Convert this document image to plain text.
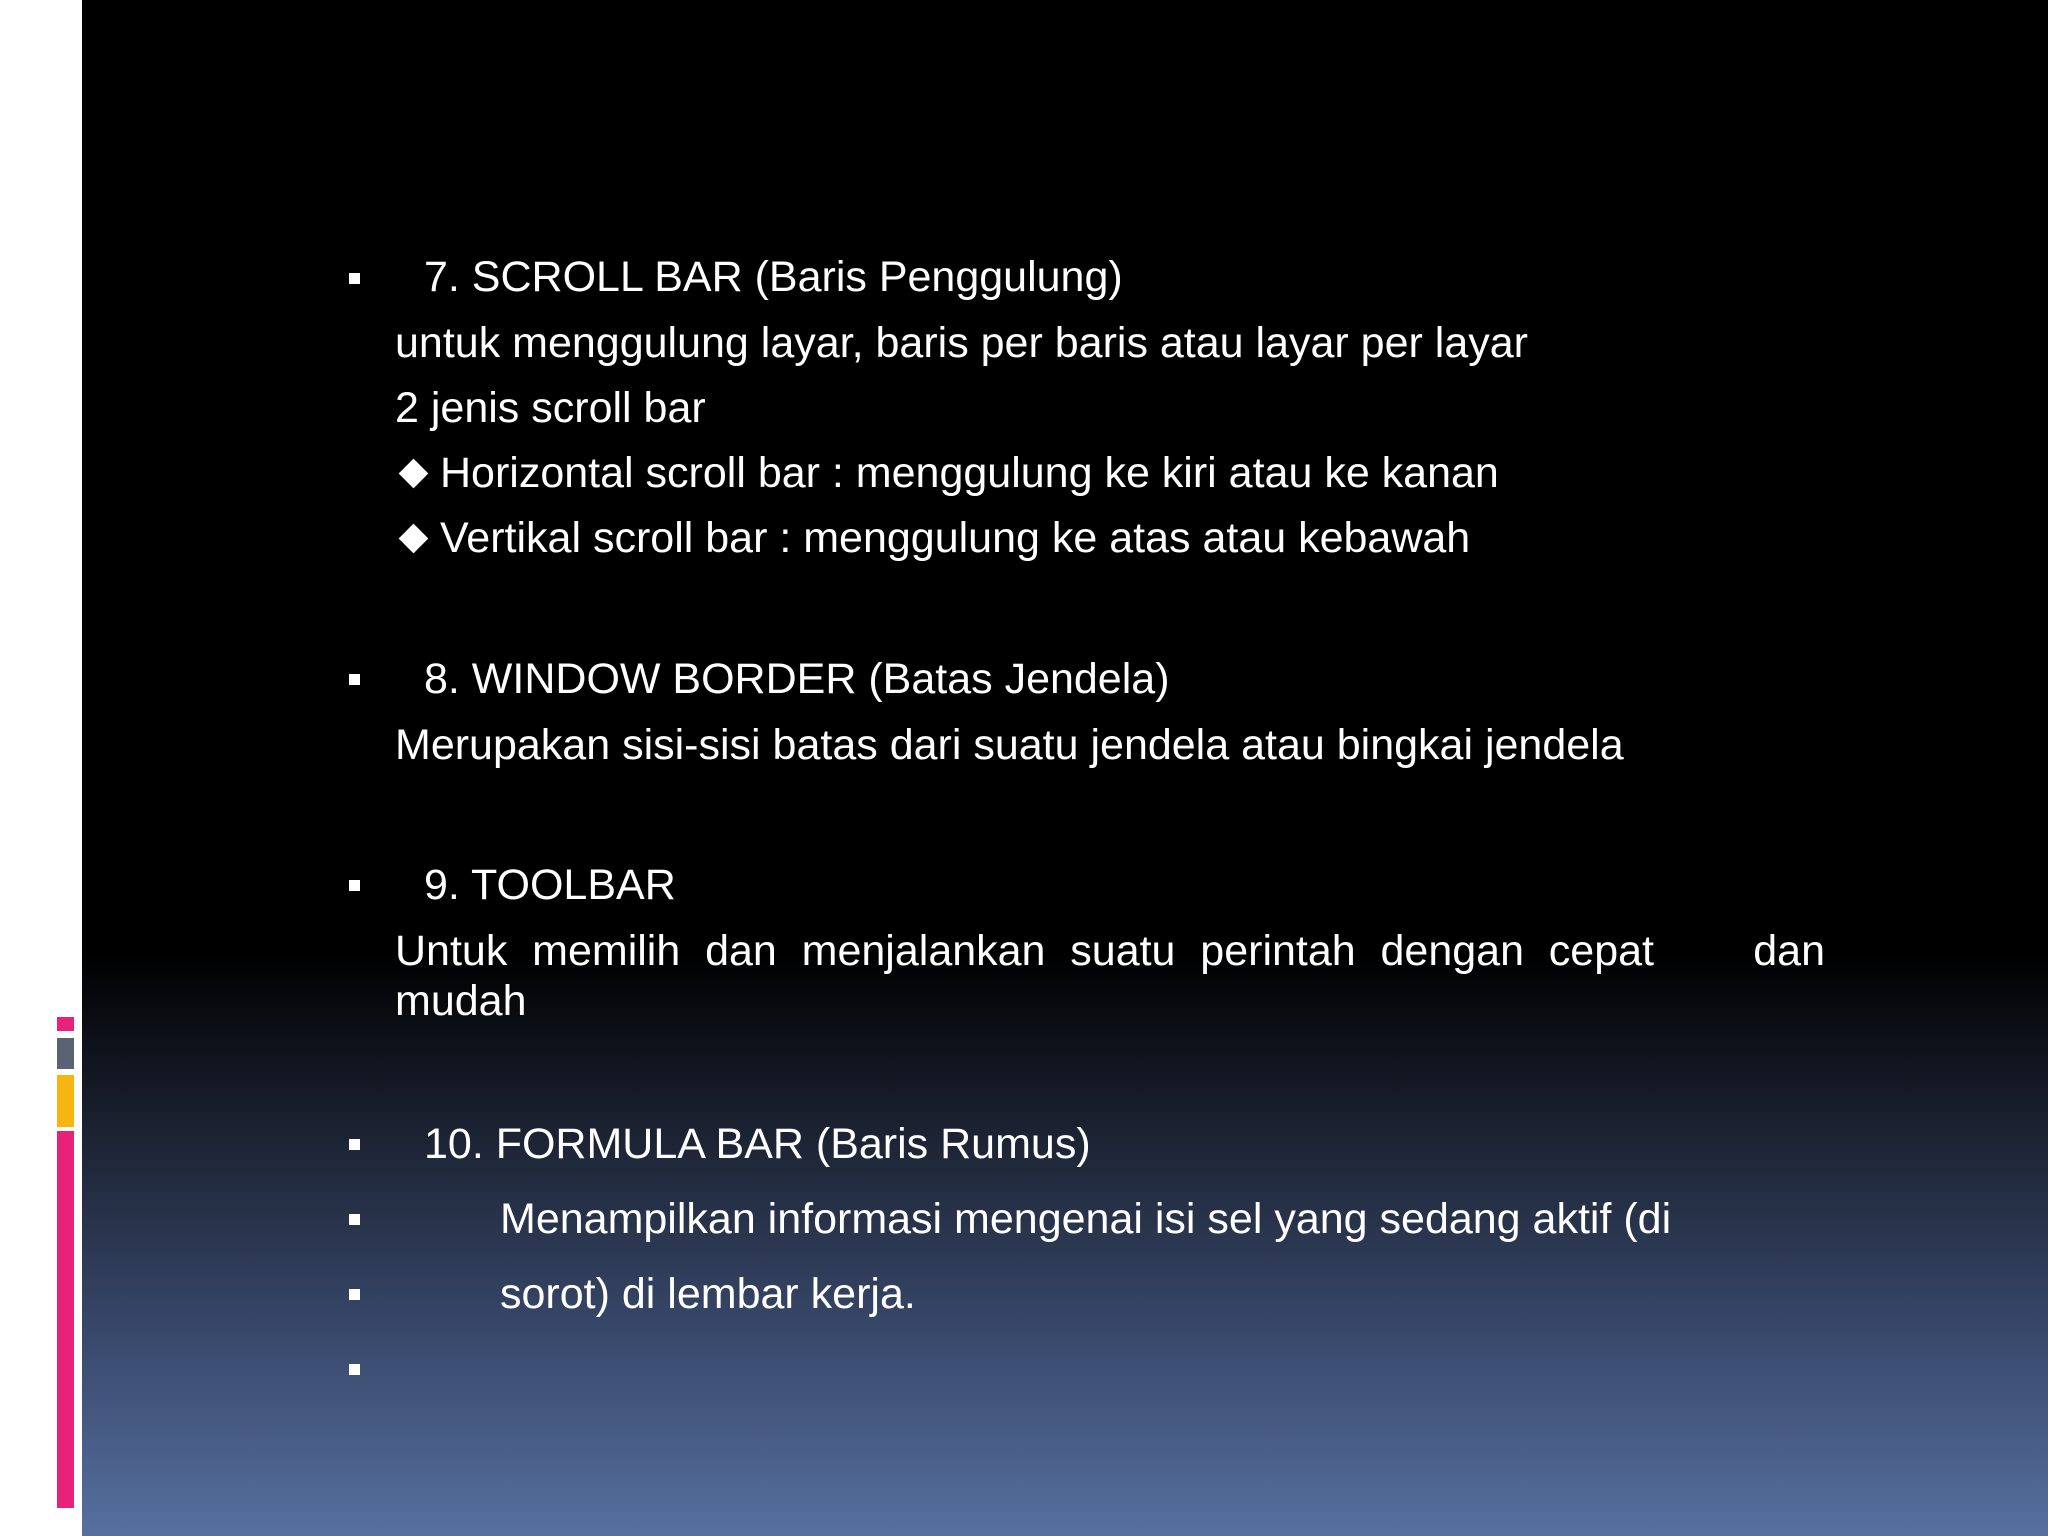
7. SCROLL BAR (Baris Penggulung)
untuk menggulung layar, baris per baris atau layar per layar
2 jenis scroll bar
Horizontal scroll bar : menggulung ke kiri atau ke kanan
Vertikal scroll bar : menggulung ke atas atau kebawah
8. WINDOW BORDER (Batas Jendela)
Merupakan sisi-sisi batas dari suatu jendela atau bingkai jendela
9. TOOLBAR
Untuk memilih dan menjalankan suatu perintah dengan cepat    dan mudah
10. FORMULA BAR (Baris Rumus)
Menampilkan informasi mengenai isi sel yang sedang aktif (di
sorot) di lembar kerja.
